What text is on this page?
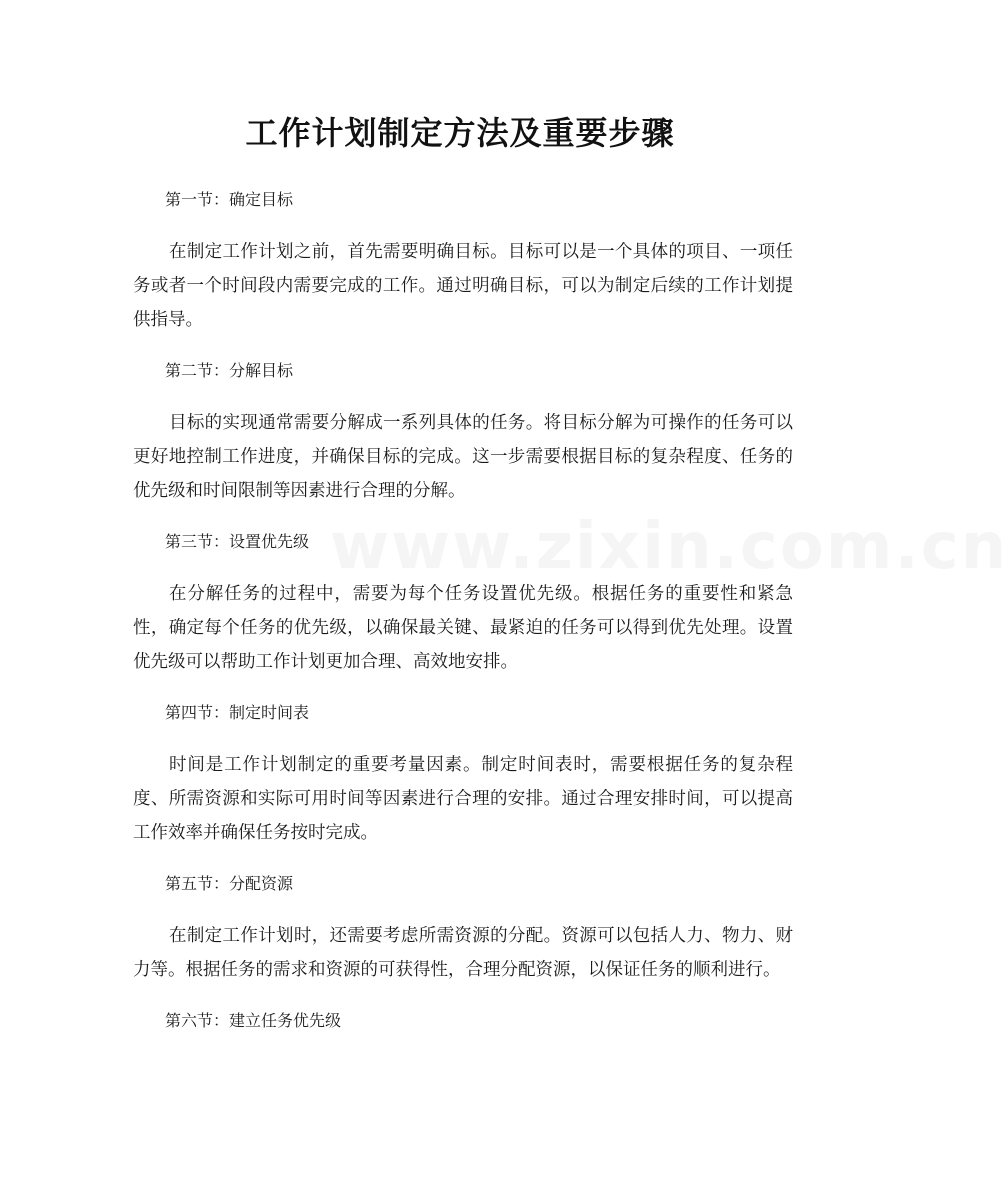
www.zixin.com.cn
工作计划制定方法及重要步骤

第一节：确定目标

在制定工作计划之前，首先需要明确目标。目标可以是一个具体的项目、一项任务或者一个时间段内需要完成的工作。通过明确目标，可以为制定后续的工作计划提供指导。

第二节：分解目标

目标的实现通常需要分解成一系列具体的任务。将目标分解为可操作的任务可以更好地控制工作进度，并确保目标的完成。这一步需要根据目标的复杂程度、任务的优先级和时间限制等因素进行合理的分解。

第三节：设置优先级

在分解任务的过程中，需要为每个任务设置优先级。根据任务的重要性和紧急性，确定每个任务的优先级，以确保最关键、最紧迫的任务可以得到优先处理。设置优先级可以帮助工作计划更加合理、高效地安排。

第四节：制定时间表

时间是工作计划制定的重要考量因素。制定时间表时，需要根据任务的复杂程度、所需资源和实际可用时间等因素进行合理的安排。通过合理安排时间，可以提高工作效率并确保任务按时完成。

第五节：分配资源

在制定工作计划时，还需要考虑所需资源的分配。资源可以包括人力、物力、财力等。根据任务的需求和资源的可获得性，合理分配资源，以保证任务的顺利进行。

第六节：建立任务优先级
